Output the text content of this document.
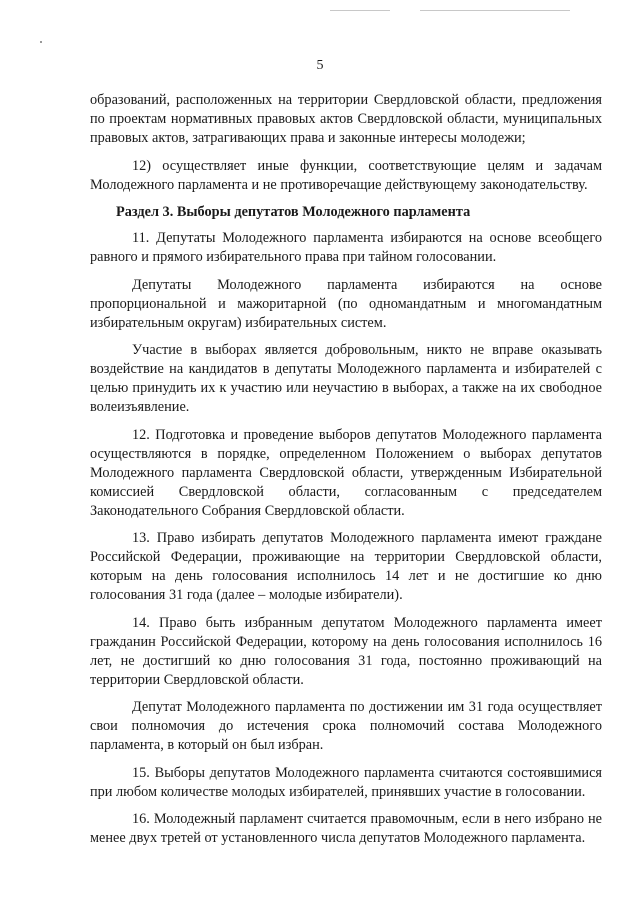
5

образований, расположенных на территории Свердловской области, предложения по проектам нормативных правовых актов Свердловской области, муниципальных правовых актов, затрагивающих права и законные интересы молодежи;

12) осуществляет иные функции, соответствующие целям и задачам Молодежного парламента и не противоречащие действующему законодательству.

Раздел 3. Выборы депутатов Молодежного парламента

11. Депутаты Молодежного парламента избираются на основе всеобщего равного и прямого избирательного права при тайном голосовании.

Депутаты Молодежного парламента избираются на основе пропорциональной и мажоритарной (по одномандатным и многомандатным избирательным округам) избирательных систем.

Участие в выборах является добровольным, никто не вправе оказывать воздействие на кандидатов в депутаты Молодежного парламента и избирателей с целью принудить их к участию или неучастию в выборах, а также на их свободное волеизъявление.

12. Подготовка и проведение выборов депутатов Молодежного парламента осуществляются в порядке, определенном Положением о выборах депутатов Молодежного парламента Свердловской области, утвержденным Избирательной комиссией Свердловской области, согласованным с председателем Законодательного Собрания Свердловской области.

13. Право избирать депутатов Молодежного парламента имеют граждане Российской Федерации, проживающие на территории Свердловской области, которым на день голосования исполнилось 14 лет и не достигшие ко дню голосования 31 года (далее – молодые избиратели).

14. Право быть избранным депутатом Молодежного парламента имеет гражданин Российской Федерации, которому на день голосования исполнилось 16 лет, не достигший ко дню голосования 31 года, постоянно проживающий на территории Свердловской области.

Депутат Молодежного парламента по достижении им 31 года осуществляет свои полномочия до истечения срока полномочий состава Молодежного парламента, в который он был избран.

15. Выборы депутатов Молодежного парламента считаются состоявшимися при любом количестве молодых избирателей, принявших участие в голосовании.

16. Молодежный парламент считается правомочным, если в него избрано не менее двух третей от установленного числа депутатов Молодежного парламента.
